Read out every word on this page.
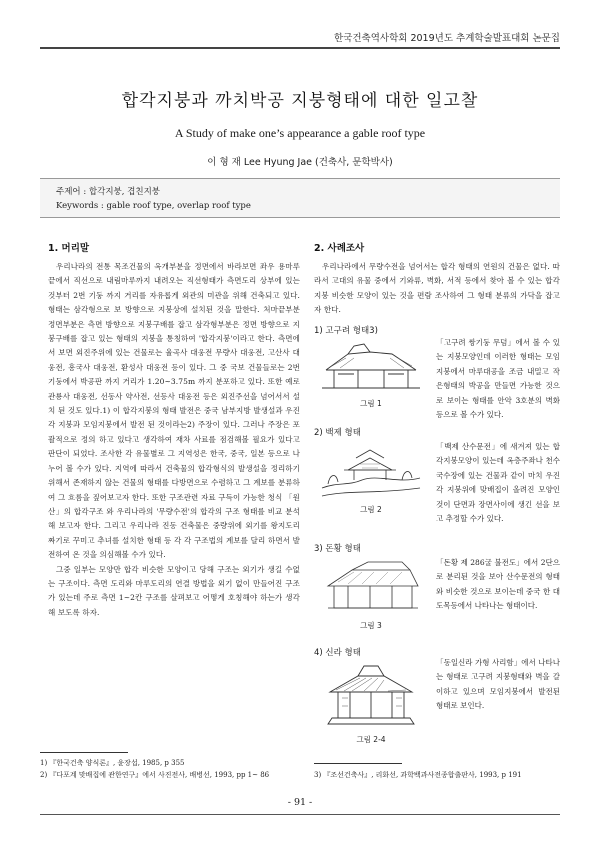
한국건축역사학회 2019년도 추계학술발표대회 논문집
합각지붕과 까치박공 지붕형태에 대한 일고찰
A Study of make one’s appearance a gable roof type
이 형 재 Lee Hyung Jae (건축사, 문학박사)
주제어 : 합각지붕, 겹친지붕
Keywords : gable roof type, overlap roof type
1. 머리말

우리나라의 전통 목조건물의 옥개부분을 정면에서 바라보면 좌우 용마루 끝에서 직선으로 내림마루까지 내려오는 직선형태가 측면도리 상부에 있는 것부터 2번 기둥 까지 거리를 자유롭게 외관의 미관을 위해 건축되고 있다. 형태는 삼각형으로 보 방향으로 지붕상에 설치된 것을 말한다. 처마끝부분 정면부분은 측면 방향으로 지붕구배를 잡고 삼각형부분은 정면 방향으로 지붕구배를 잡고 있는 형태의 지붕을 통칭하여 '합각지붕'이라고 한다. 측면에서 보면 외진주위에 있는 건물로는 율곡사 대웅전 무량사 대웅전, 고산사 대웅전, 흥국사 대웅전, 환성사 대웅전 등이 있다. 그 중 국보 건물들로는 2번 기둥에서 박공판 까지 거리가 1.20~3.75m 까지 분포하고 있다. 또한 예로 관룡사 대웅전, 선동사 약사전, 선등사 대웅전 등은 외진주선을 넘어서서 설치 된 것도 있다.1) 이 합각지붕의 형태 발전은 중국 남부지방 발생설과 우진각 지붕과 모임지붕에서 발전 된 것이라는2) 주장이 있다. 그러나 주장은 포괄적으로 정의 하고 있다고 생각하여 재차 사료를 점검해볼 필요가 있다고 판단이 되었다. 조사한 각 유물별로 그 지역성은 한국, 중국, 일본 등으로 나누어 볼 수가 있다. 지역에 따라서 건축물의 합각형식의 발생설을 정리하기 위해서 존재하지 않는 건물의 형태를 다방면으로 수렴하고 그 계보를 분류하여 그 흐름을 짚어보고자 한다. 또한 구조관련 자료 구득이 가능한 청식 「원산」의 합각구조 와 우리나라의 '무량수전'의 합각의 구조 형태를 비교 분석해 보고자 한다. 그리고 우리나라 진동 건축물은 중량위에 외기를 왕지도리 짜기로 꾸미고 추녀를 설치한 형태 등 각 각 구조법의 계보를 달리 하면서 발전하여 온 것을 의심해볼 수가 있다.

그중 일부는 모양만 합각 비슷한 모양이고 당해 구조는 외기가 생길 수없는 구조이다. 측면 도리와 마루도리의 연결 방법을 외기 없이 만들어진 구조가 있는데 주로 측면 1~2칸 구조를 살펴보고 어떻게 호칭해야 하는가 생각해 보도록 하자.

2. 사례조사

우리나라에서 무량수전을 넘어서는 합각 형태의 연원의 건물은 없다. 따라서 고대의 유물 중에서 기와류, 벽화, 서적 등에서 찾아 볼 수 있는 합각지붕 비슷한 모양이 있는 것을 편람 조사하여 그 형태 분류의 가닥을 잡고자 한다.

1) 고구려 형태3)
그림 1
「고구려 쌍기둥 무덤」에서 볼 수 있는 지붕모양인데 이러한 형태는 모임지붕에서 마루대공을 조금 내밀고 작은형태의 박공을 만들면 가능한 것으로 보이는 형태를 안악 3호분의 벽화 등으로 볼 수가 있다.
2) 백제 형태
그림 2
「백제 산수문전」에 새겨져 있는 합각지붕모양이 있는데 옥층주좌나 천수국수장에 있는 건물과 같이 마치 우진각 지붕위에 맞배집이 올려진 모양인 것이 단면과 장면사이에 생긴 선을 보고 추정할 수가 있다.
3) 돈황 형태
그림 3
「돈황 제 286굴 불전도」에서 2단으로 분리된 것을 보아 산수문전의 형태와 비슷한 것으로 보이는데 중국 한 대 도목등에서 나타나는 형태이다.
4) 신라 형태
그림 2-4
「동일신라 가형 사리함」에서 나타나는 형태로 고구려 지붕형태와 벽을 갈이하고 있으며 모임지붕에서 발전된 형태로 보인다.
1) 『한국건축 양식론』, 윤장섭, 1985, p 355
2) 『다포계 맞배집에 관한연구』에서 사진전사, 배병선, 1993, pp 1~ 86	3) 『조선건축사』, 리화선, 과학백과사전종합출판사, 1993, p 191
- 91 -
